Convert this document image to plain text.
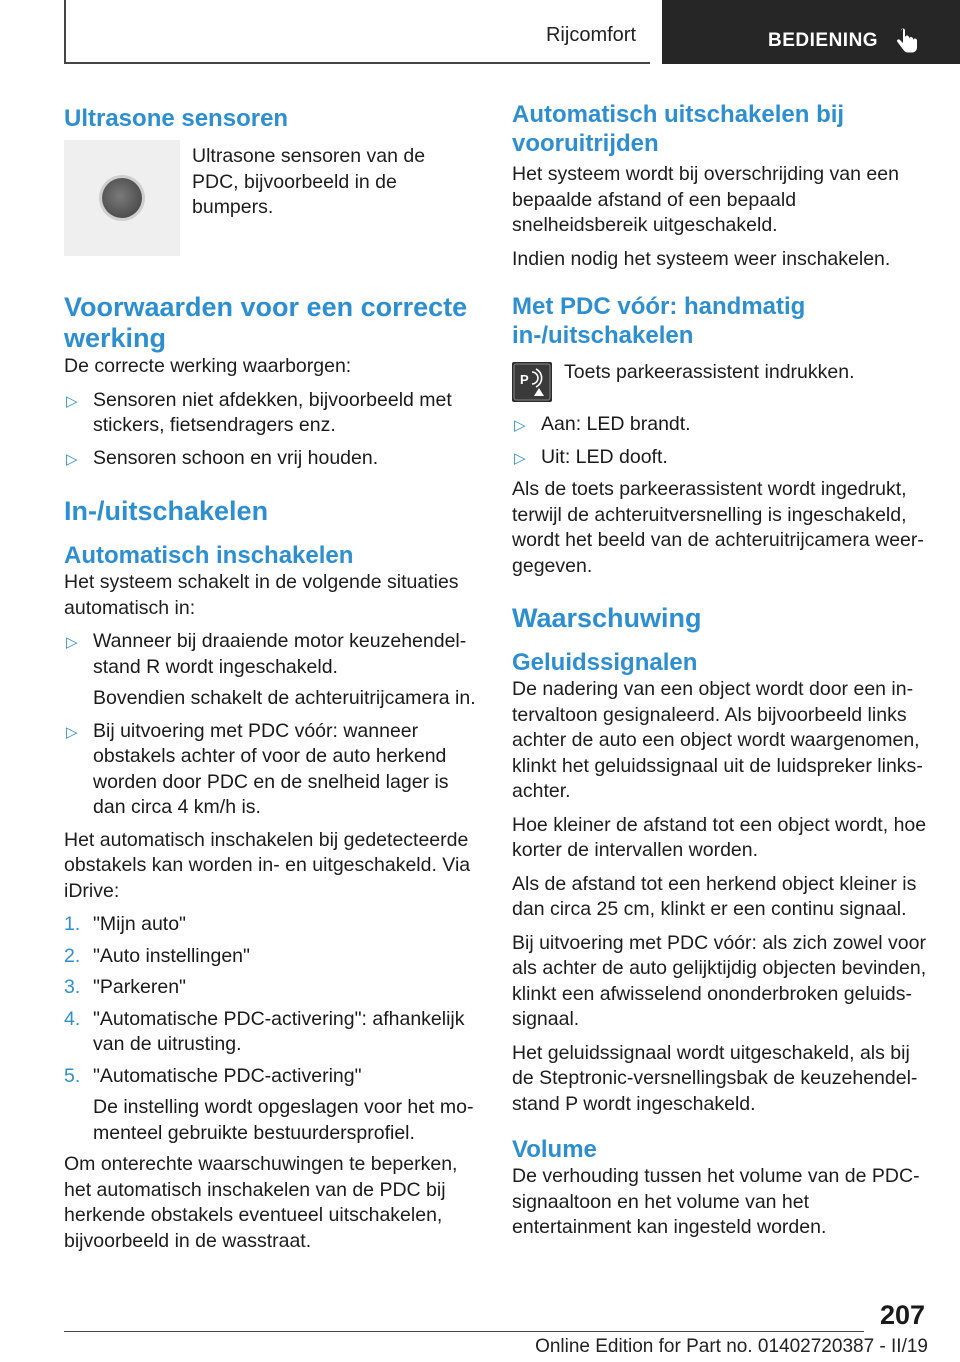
Rijcomfort	BEDIENING
Ultrasone sensoren

Ultrasone sensoren van de PDC, bijvoorbeeld in de bumpers.

Voorwaarden voor een correcte werking

De correcte werking waarborgen:

▷ Sensoren niet afdekken, bijvoorbeeld met stickers, fietsendragers enz.
▷ Sensoren schoon en vrij houden.
In-/uitschakelen
Automatisch inschakelen

Het systeem schakelt in de volgende situaties automatisch in:

▷ Wanneer bij draaiende motor keuzehendelstand R wordt ingeschakeld.
Bovendien schakelt de achteruitrijcamera in.
▷ Bij uitvoering met PDC vóór: wanneer obstakels achter of voor de auto herkend worden door PDC en de snelheid lager is dan circa 4 km/h is.

Het automatisch inschakelen bij gedetecteerde obstakels kan worden in- en uitgeschakeld. Via iDrive:

1. "Mijn auto"
2. "Auto instellingen"
3. "Parkeren"
4. "Automatische PDC-activering": afhankelijk van de uitrusting.
5. "Automatische PDC-activering"
De instelling wordt opgeslagen voor het momenteel gebruikte bestuurdersprofiel.

Om onterechte waarschuwingen te beperken, het automatisch inschakelen van de PDC bij herkende obstakels eventueel uitschakelen, bijvoorbeeld in de wasstraat.

Automatisch uitschakelen bij vooruitrijden

Het systeem wordt bij overschrijding van een bepaalde afstand of een bepaald snelheidsbereik uitgeschakeld.

Indien nodig het systeem weer inschakelen.

Met PDC vóór: handmatig in-/uitschakelen
P Toets parkeerassistent indrukken.

▷ Aan: LED brandt.
▷ Uit: LED dooft.

Als de toets parkeerassistent wordt ingedrukt, terwijl de achteruitversnelling is ingeschakeld, wordt het beeld van de achteruitrijcamera weergegeven.

Waarschuwing
Geluidssignalen

De nadering van een object wordt door een intervaltoon gesignaleerd. Als bijvoorbeeld links achter de auto een object wordt waargenomen, klinkt het geluidssignaal uit de luidspreker linksachter.

Hoe kleiner de afstand tot een object wordt, hoe korter de intervallen worden.

Als de afstand tot een herkend object kleiner is dan circa 25 cm, klinkt er een continu signaal.

Bij uitvoering met PDC vóór: als zich zowel voor als achter de auto gelijktijdig objecten bevinden, klinkt een afwisselend ononderbroken geluidssignaal.

Het geluidssignaal wordt uitgeschakeld, als bij de Steptronic-versnellingsbak de keuzehendelstand P wordt ingeschakeld.

Volume

De verhouding tussen het volume van de PDC-signaaltoon en het volume van het entertainment kan ingesteld worden.

207
Online Edition for Part no. 01402720387 - II/19
